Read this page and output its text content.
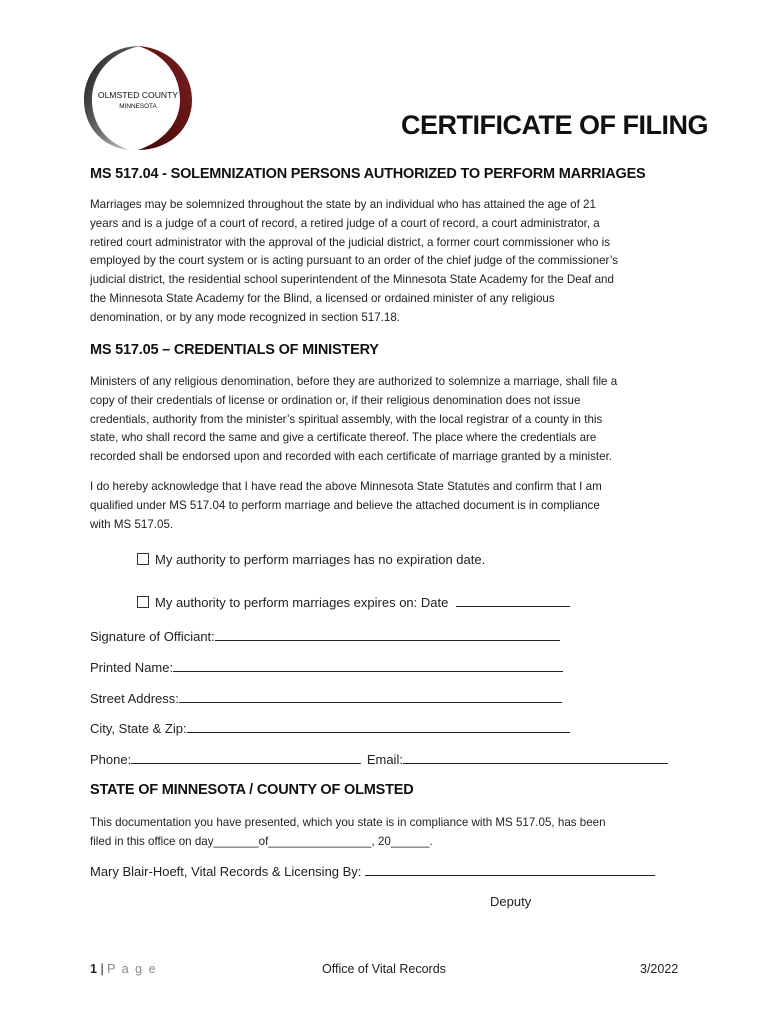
OLMSTED COUNTY
MINNESOTA
CERTIFICATE OF FILING
MS 517.04 - SOLEMNIZATION PERSONS AUTHORIZED TO PERFORM MARRIAGES
Marriages may be solemnized throughout the state by an individual who has attained the age of 21
years and is a judge of a court of record, a retired judge of a court of record, a court administrator, a
retired court administrator with the approval of the judicial district, a former court commissioner who is
employed by the court system or is acting pursuant to an order of the chief judge of the commissioner’s
judicial district, the residential school superintendent of the Minnesota State Academy for the Deaf and
the Minnesota State Academy for the Blind, a licensed or ordained minister of any religious
denomination, or by any mode recognized in section 517.18.
MS 517.05 – CREDENTIALS OF MINISTERY
Ministers of any religious denomination, before they are authorized to solemnize a marriage, shall file a
copy of their credentials of license or ordination or, if their religious denomination does not issue
credentials, authority from the minister’s spiritual assembly, with the local registrar of a county in this
state, who shall record the same and give a certificate thereof. The place where the credentials are
recorded shall be endorsed upon and recorded with each certificate of marriage granted by a minister.
I do hereby acknowledge that I have read the above Minnesota State Statutes and confirm that I am
qualified under MS 517.04 to perform marriage and believe the attached document is in compliance
with MS 517.05.
My authority to perform marriages has no expiration date.
My authority to perform marriages expires on: Date
Signature of Officiant:
Printed Name:
Street Address:
City, State & Zip:
Phone:	Email:
STATE OF MINNESOTA / COUNTY OF OLMSTED
This documentation you have presented, which you state is in compliance with MS 517.05, has been
filed in this office on day_______of________________, 20______.
Mary Blair-Hoeft, Vital Records & Licensing By:
Deputy
1 | P a g e	Office of Vital Records	3/2022
